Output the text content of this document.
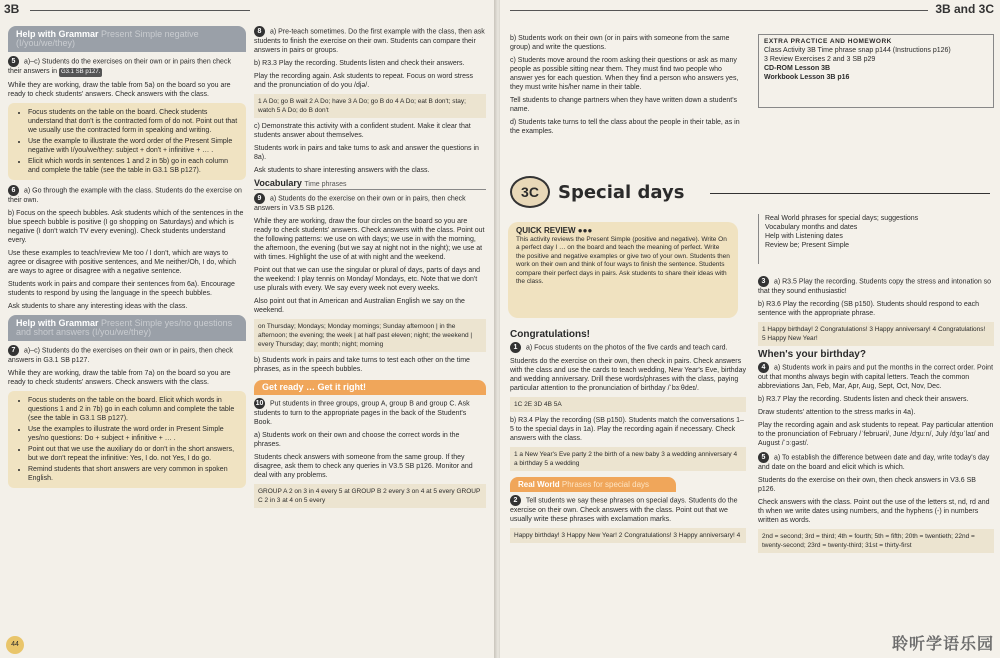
3B
Help with Grammar Present Simple negative (I/you/we/they)

5 a)–c) Students do the exercises on their own or in pairs then check their answers in G3.1 SB p127.

While they are working, draw the table from 5a) on the board so you are ready to check students' answers. Check answers with the class.

• Focus students on the table on the board. Check students understand that don't is the contracted form of do not. Point out that we usually use the contracted form in speaking and writing.
• Use the example to illustrate the word order of the Present Simple negative with I/you/we/they: subject + don't + infinitive + … .
• Elicit which words in sentences 1 and 2 in 5b) go in each column and complete the table (see the table in G3.1 SB p127).

6 a) Go through the example with the class. Students do the exercise on their own.

b) Focus on the speech bubbles. Ask students which of the sentences in the blue speech bubble is positive (I go shopping on Saturdays) and which is negative (I don't watch TV every evening). Check students understand every.

Use these examples to teach/review Me too / I don't, which are ways to agree or disagree with positive sentences, and Me neither/Oh, I do, which are ways to agree or disagree with a negative sentence.

Students work in pairs and compare their sentences from 6a). Encourage students to respond by using the language in the speech bubbles.

Ask students to share any interesting ideas with the class.

Help with Grammar Present Simple yes/no questions and short answers (I/you/we/they)

7 a)–c) Students do the exercises on their own or in pairs, then check answers in G3.1 SB p127.

While they are working, draw the table from 7a) on the board so you are ready to check students' answers. Check answers with the class.

• Focus students on the table on the board. Elicit which words in questions 1 and 2 in 7b) go in each column and complete the table (see the table in G3.1 SB p127).
• Use the examples to illustrate the word order in Present Simple yes/no questions: Do + subject + infinitive + … .
• Point out that we use the auxiliary do or don't in the short answers, but we don't repeat the infinitive: Yes, I do. not Yes, I do go.
• Remind students that short answers are very common in spoken English.
44

8 a) Pre-teach sometimes. Do the first example with the class, then ask students to finish the exercise on their own. Students can compare their answers in pairs or groups.

b) R3.3 Play the recording. Students listen and check their answers.

Play the recording again. Ask students to repeat. Focus on word stress and the pronunciation of do you /djə/.

1 A Do; go B wait 2 A Do; have 3 A Do; go B do 4 A Do; eat B don't; stay; watch 5 A Do; do B don't

c) Demonstrate this activity with a confident student. Make it clear that students answer about themselves.

Students work in pairs and take turns to ask and answer the questions in 8a).

Ask students to share interesting answers with the class.

Vocabulary Time phrases

9 a) Students do the exercise on their own or in pairs, then check answers in V3.5 SB p126.

While they are working, draw the four circles on the board so you are ready to check students' answers. Check answers with the class. Point out the following patterns: we use on with days; we use in with the morning, the afternoon, the evening (but we say at night not in the night); we use at with times. Highlight the use of at with night and the weekend.

Point out that we can use the singular or plural of days, parts of days and the weekend: I play tennis on Monday/ Mondays, etc. Note that we don't use plurals with every. We say every week not every weeks.

Also point out that in American and Australian English we say on the weekend.

on Thursday; Mondays; Monday mornings; Sunday afternoon | in the afternoon; the evening; the week | at half past eleven; night; the weekend | every Thursday; day; month; night; morning

b) Students work in pairs and take turns to test each other on the time phrases, as in the speech bubbles.

Get ready … Get it right!

10 Put students in three groups, group A, group B and group C. Ask students to turn to the appropriate pages in the back of the Student's Book.

a) Students work on their own and choose the correct words in the phrases.

Students check answers with someone from the same group. If they disagree, ask them to check any queries in V3.5 SB p126. Monitor and deal with any problems.

GROUP A 2 on 3 in 4 every 5 at GROUP B 2 every 3 on 4 at 5 every GROUP C 2 in 3 at 4 on 5 every
3B and 3C

b) Students work on their own (or in pairs with someone from the same group) and write the questions.

c) Students move around the room asking their questions or ask as many people as possible sitting near them. They must find two people who answer yes for each question. When they find a person who answers yes, they must write his/her name in their table.

Tell students to change partners when they have written down a student's name.

d) Students take turns to tell the class about the people in their table, as in the examples.

EXTRA PRACTICE AND HOMEWORK
Class Activity 3B Time phrase snap p144 (Instructions p126)
3 Review Exercises 2 and 3 SB p29
CD-ROM Lesson 3B
Workbook Lesson 3B p16
3C	Special days
QUICK REVIEW ●●●
This activity reviews the Present Simple (positive and negative). Write On a perfect day I … on the board and teach the meaning of perfect. Write the positive and negative examples or give two of your own. Students then work on their own and think of four ways to finish the sentence. Students compare their perfect days in pairs. Ask students to share their ideas with the class.
Real World phrases for special days; suggestions
Vocabulary months and dates
Help with Listening dates
Review be; Present Simple
Congratulations!

1 a) Focus students on the photos of the five cards and teach card.

Students do the exercise on their own, then check in pairs. Check answers with the class and use the cards to teach wedding, New Year's Eve, birthday and wedding anniversary. Drill these words/phrases with the class, paying particular attention to the pronunciation of birthday /ˈbɜːθdeɪ/.

1C 2E 3D 4B 5A

b) R3.4 Play the recording (SB p150). Students match the conversations 1–5 to the special days in 1a). Play the recording again if necessary. Check answers with the class.

1 a New Year's Eve party 2 the birth of a new baby 3 a wedding anniversary 4 a birthday 5 a wedding
Real World Phrases for special days

2 Tell students we say these phrases on special days. Students do the exercise on their own. Check answers with the class. Point out that we usually write these phrases with exclamation marks.

Happy birthday! 3 Happy New Year! 2 Congratulations! 3 Happy anniversary! 4

3 a) R3.5 Play the recording. Students copy the stress and intonation so that they sound enthusiastic!

b) R3.6 Play the recording (SB p150). Students should respond to each sentence with the appropriate phrase.

1 Happy birthday! 2 Congratulations! 3 Happy anniversary! 4 Congratulations! 5 Happy New Year!
When's your birthday?

4 a) Students work in pairs and put the months in the correct order. Point out that months always begin with capital letters. Teach the common abbreviations Jan, Feb, Mar, Apr, Aug, Sept, Oct, Nov, Dec.

b) R3.7 Play the recording. Students listen and check their answers.

Draw students' attention to the stress marks in 4a).

Play the recording again and ask students to repeat. Pay particular attention to the pronunciation of February /ˈfebruəri/, June /dʒuːn/, July /dʒʊˈlaɪ/ and August /ˈɔːgəst/.

5 a) To establish the difference between date and day, write today's day and date on the board and elicit which is which.

Students do the exercise on their own, then check answers in V3.6 SB p126.

Check answers with the class. Point out the use of the letters st, nd, rd and th when we write dates using numbers, and the hyphens (-) in numbers written as words.

2nd = second; 3rd = third; 4th = fourth; 5th = fifth; 20th = twentieth; 22nd = twenty-second; 23rd = twenty-third; 31st = thirty-first
聆听学语乐园
